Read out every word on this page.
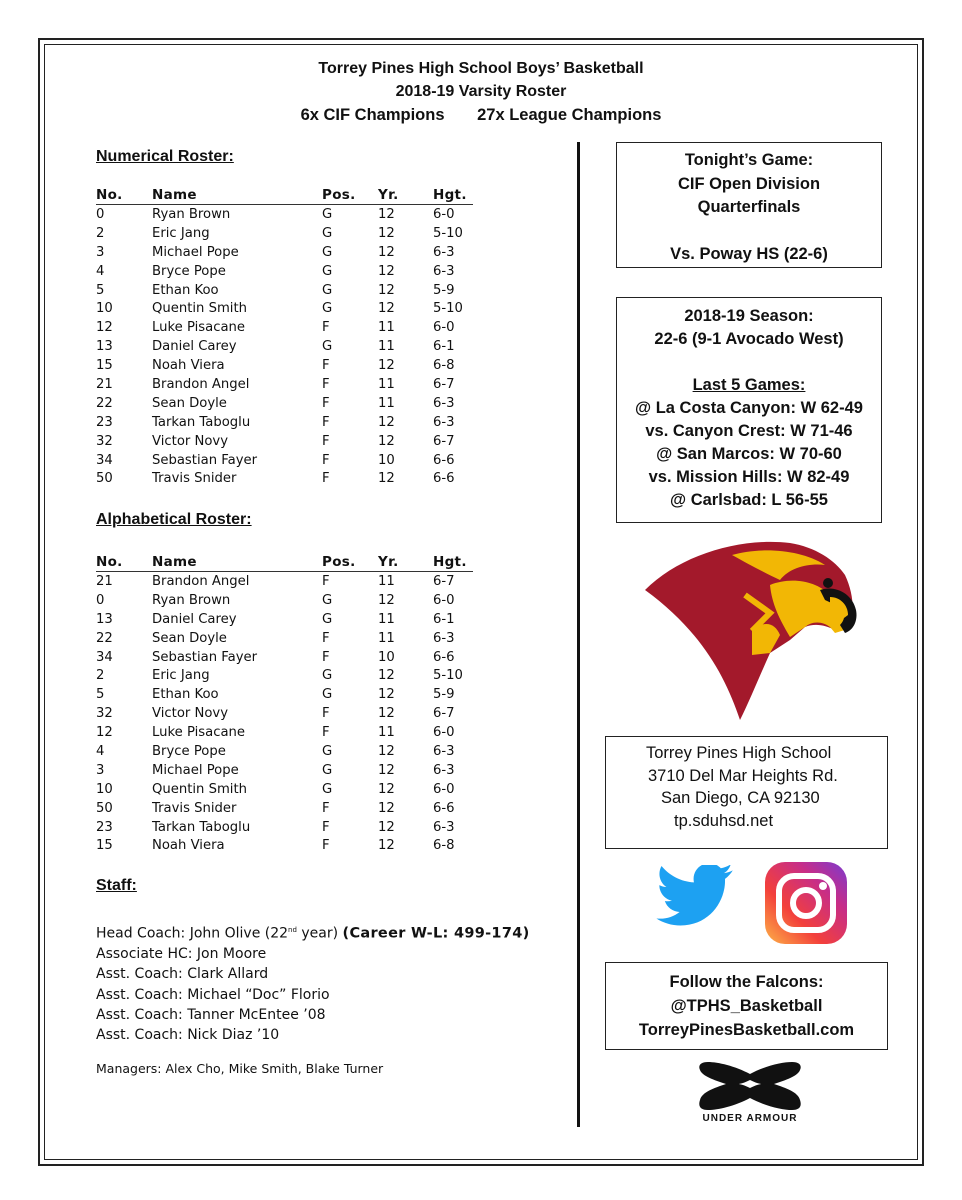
Torrey Pines High School Boys’ Basketball
2018-19 Varsity Roster
6x CIF Champions 27x League Champions
Numerical Roster:
No.	Name	Pos.	Yr.	Hgt.
0	Ryan Brown	G	12	6-0
2	Eric Jang	G	12	5-10
3	Michael Pope	G	12	6-3
4	Bryce Pope	G	12	6-3
5	Ethan Koo	G	12	5-9
10	Quentin Smith	G	12	5-10
12	Luke Pisacane	F	11	6-0
13	Daniel Carey	G	11	6-1
15	Noah Viera	F	12	6-8
21	Brandon Angel	F	11	6-7
22	Sean Doyle	F	11	6-3
23	Tarkan Taboglu	F	12	6-3
32	Victor Novy	F	12	6-7
34	Sebastian Fayer	F	10	6-6
50	Travis Snider	F	12	6-6
Alphabetical Roster:
No.	Name	Pos.	Yr.	Hgt.
21	Brandon Angel	F	11	6-7
0	Ryan Brown	G	12	6-0
13	Daniel Carey	G	11	6-1
22	Sean Doyle	F	11	6-3
34	Sebastian Fayer	F	10	6-6
2	Eric Jang	G	12	5-10
5	Ethan Koo	G	12	5-9
32	Victor Novy	F	12	6-7
12	Luke Pisacane	F	11	6-0
4	Bryce Pope	G	12	6-3
3	Michael Pope	G	12	6-3
10	Quentin Smith	G	12	6-0
50	Travis Snider	F	12	6-6
23	Tarkan Taboglu	F	12	6-3
15	Noah Viera	F	12	6-8
Staff:
Head Coach: John Olive (22nd year) (Career W-L: 499-174)
Associate HC: Jon Moore
Asst. Coach: Clark Allard
Asst. Coach: Michael “Doc” Florio
Asst. Coach: Tanner McEntee ’08
Asst. Coach: Nick Diaz ’10
Managers: Alex Cho, Mike Smith, Blake Turner
Tonight’s Game:
CIF Open Division
Quarterfinals
Vs. Poway HS (22-6)
2018-19 Season:
22-6 (9-1 Avocado West)
Last 5 Games:
@ La Costa Canyon: W 62-49
vs. Canyon Crest: W 71-46
@ San Marcos: W 70-60
vs. Mission Hills: W 82-49
@ Carlsbad: L 56-55
Torrey Pines High School
3710 Del Mar Heights Rd.
San Diego, CA 92130
tp.sduhsd.net
Follow the Falcons:
@TPHS_Basketball
TorreyPinesBasketball.com
UNDER ARMOUR
